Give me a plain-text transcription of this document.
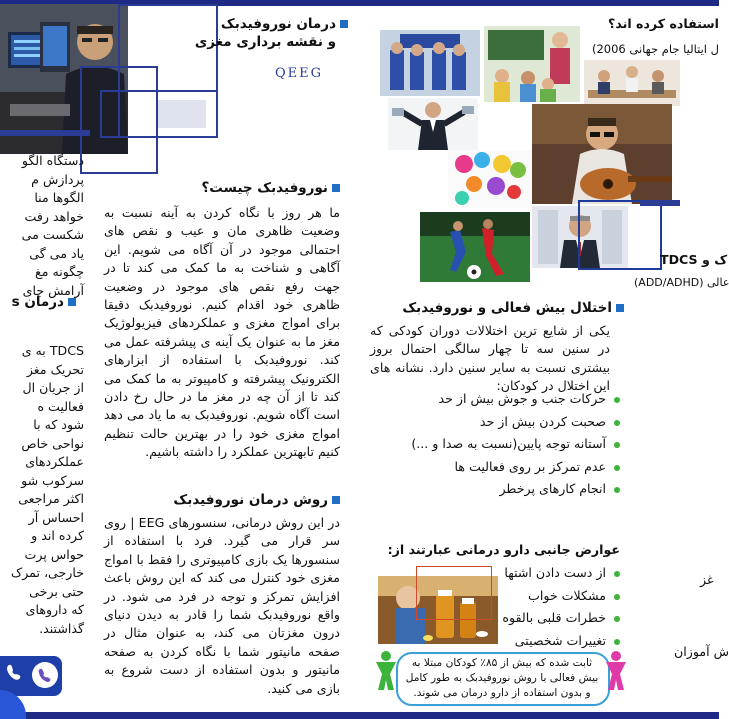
درمان نوروفیدبک
و نقشه برداری مغزی
QEEG
دستگاه الگو
پردازش م
الگوها منا
خواهد رفت
شکست می
یاد می گی
چگونه مغ
آرامش جای
درمان s
TDCS به ی
تحریک مغز
از جریان ال
فعالیت ه
شود که با
نواحی خاص
عملکردهای
سرکوب شو
اکثر مراجعی
احساس آر
کرده اند و
حواس پرت
خارجی، تمرک
حتی برخی
که داروهای
گذاشتند.
نوروفیدبک چیست؟
ما هر روز با نگاه کردن به آینه نسبت به وضعیت ظاهری مان و عیب و نقص های احتمالی موجود در آن آگاه می شویم. این آگاهی و شناخت به ما کمک می کند تا در جهت رفع نقص های موجود در وضعیت ظاهری خود اقدام کنیم. نوروفیدبک دقیقا برای امواج مغزی و عملکردهای فیزیولوژیک مغز ما به عنوان یک آینه ی پیشرفته عمل می کند. نوروفیدبک با استفاده از ابزارهای الکترونیک پیشرفته و کامپیوتر به ما کمک می کند تا از آن چه در مغز ما در حال رخ دادن است آگاه شویم. نوروفیدبک به ما یاد می دهد امواج مغزی خود را در بهترین حالت تنظیم کنیم تابهترین عملکرد را داشته باشیم.
روش درمان نوروفیدبک
در این روش درمانی، سنسورهای EEG | روی سر قرار می گیرد. فرد با استفاده از سنسورها یک بازی کامپیوتری را فقط با امواج مغزی خود کنترل می کند که این روش باعث افزایش تمرکز و توجه در فرد می شود. در واقع نوروفیدبک شما را قادر به دیدن دنیای درون مغزتان می کند، به عنوان مثال در صفحه مانیتور شما با نگاه کردن به صفحه مانیتور و بدون استفاده از دست شروع به بازی می کنید.
استفاده کرده اند؟
ل ایتالیا جام جهانی 2006)
TDCS ک و
(ADD/ADHD) عالی
غز
ش آموزان
اختلال بیش فعالی و نوروفیدبک
یکی از شایع ترین اختلالات دوران کودکی که در سنین سه تا چهار سالگی احتمال بروز بیشتری نسبت به سایر سنین دارد. نشانه های این اختلال در کودکان:
حرکات جنب و جوش بیش از حد
صحبت کردن بیش از حد
آستانه توجه پایین(نسبت به صدا و ...)
عدم تمرکز بر روی فعالیت ها
انجام کارهای پرخطر
عوارض جانبی دارو درمانی عبارتند از:
از دست دادن اشتها
مشکلات خواب
خطرات قلبی بالقوه
تغییرات شخصیتی
ثابت شده که بیش از ۸۵٪ کودکان مبتلا به بیش فعالی با روش نوروفیدبک به طور کامل و بدون استفاده از دارو درمان می شوند.
